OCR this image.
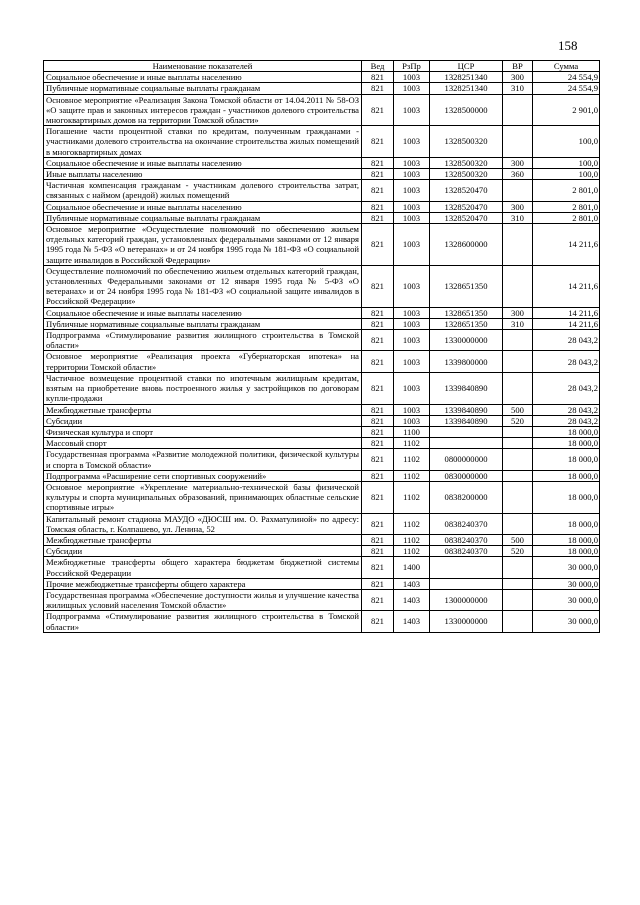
158
Наименование показателей	Вед	РзПр	ЦСР	ВР	Сумма
Социальное обеспечение и иные выплаты населению	821	1003	1328251340	300	24 554,9
Публичные нормативные социальные выплаты гражданам	821	1003	1328251340	310	24 554,9
Основное мероприятие «Реализация Закона Томской области от 14.04.2011 № 58-ОЗ «О защите прав и законных интересов граждан - участников долевого строительства многоквартирных домов на территории Томской области»	821	1003	1328500000		2 901,0
Погашение части процентной ставки по кредитам, полученным гражданами - участниками долевого строительства на окончание строительства жилых помещений в многоквартирных домах	821	1003	1328500320		100,0
Социальное обеспечение и иные выплаты населению	821	1003	1328500320	300	100,0
Иные выплаты населению	821	1003	1328500320	360	100,0
Частичная компенсация гражданам - участникам долевого строительства затрат, связанных с наймом (арендой) жилых помещений	821	1003	1328520470		2 801,0
Социальное обеспечение и иные выплаты населению	821	1003	1328520470	300	2 801,0
Публичные нормативные социальные выплаты гражданам	821	1003	1328520470	310	2 801,0
Основное мероприятие «Осуществление полномочий по обеспечению жильем отдельных категорий граждан, установленных федеральными законами от 12 января 1995 года № 5-ФЗ «О ветеранах» и от 24 ноября 1995 года № 181-ФЗ «О социальной защите инвалидов в Российской Федерации»	821	1003	1328600000		14 211,6
Осуществление полномочий по обеспечению жильем отдельных категорий граждан, установленных Федеральными законами от 12 января 1995 года № 5-ФЗ «О ветеранах» и от 24 ноября 1995 года № 181-ФЗ «О социальной защите инвалидов в Российской Федерации»	821	1003	1328651350		14 211,6
Социальное обеспечение и иные выплаты населению	821	1003	1328651350	300	14 211,6
Публичные нормативные социальные выплаты гражданам	821	1003	1328651350	310	14 211,6
Подпрограмма «Стимулирование развития жилищного строительства в Томской области»	821	1003	1330000000		28 043,2
Основное мероприятие «Реализация проекта «Губернаторская ипотека» на территории Томской области»	821	1003	1339800000		28 043,2
Частичное возмещение процентной ставки по ипотечным жилищным кредитам, взятым на приобретение вновь построенного жилья у застройщиков по договорам купли-продажи	821	1003	1339840890		28 043,2
Межбюджетные трансферты	821	1003	1339840890	500	28 043,2
Субсидии	821	1003	1339840890	520	28 043,2
Физическая культура и спорт	821	1100			18 000,0
Массовый спорт	821	1102			18 000,0
Государственная программа «Развитие молодежной политики, физической культуры и спорта в Томской области»	821	1102	0800000000		18 000,0
Подпрограмма «Расширение сети спортивных сооружений»	821	1102	0830000000		18 000,0
Основное мероприятие «Укрепление материально-технической базы физической культуры и спорта муниципальных образований, принимающих областные сельские спортивные игры»	821	1102	0838200000		18 000,0
Капитальный ремонт стадиона МАУДО «ДЮСШ им. О. Рахматулиной» по адресу: Томская область, г. Колпашево, ул. Ленина, 52	821	1102	0838240370		18 000,0
Межбюджетные трансферты	821	1102	0838240370	500	18 000,0
Субсидии	821	1102	0838240370	520	18 000,0
Межбюджетные трансферты общего характера бюджетам бюджетной системы Российской Федерации	821	1400			30 000,0
Прочие межбюджетные трансферты общего характера	821	1403			30 000,0
Государственная программа «Обеспечение доступности жилья и улучшение качества жилищных условий населения Томской области»	821	1403	1300000000		30 000,0
Подпрограмма «Стимулирование развития жилищного строительства в Томской области»	821	1403	1330000000		30 000,0
